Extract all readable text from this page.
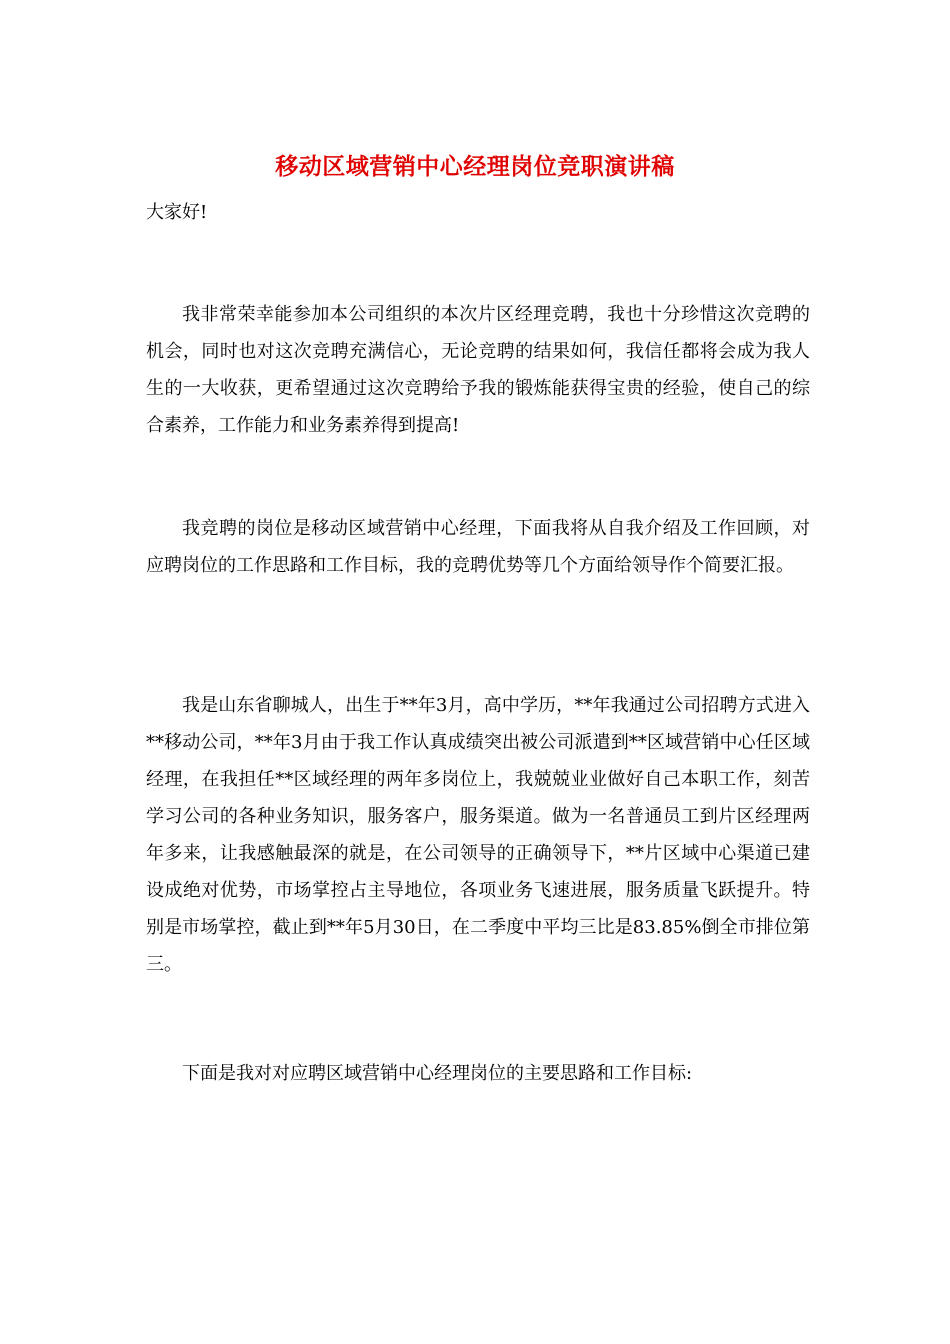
移动区域营销中心经理岗位竞职演讲稿
大家好!

我非常荣幸能参加本公司组织的本次片区经理竞聘，我也十分珍惜这次竞聘的机会，同时也对这次竞聘充满信心，无论竞聘的结果如何，我信任都将会成为我人生的一大收获，更希望通过这次竞聘给予我的锻炼能获得宝贵的经验，使自己的综合素养，工作能力和业务素养得到提高!

我竞聘的岗位是移动区域营销中心经理，下面我将从自我介绍及工作回顾，对应聘岗位的工作思路和工作目标，我的竞聘优势等几个方面给领导作个简要汇报。

我是山东省聊城人，出生于**年3月，高中学历，**年我通过公司招聘方式进入**移动公司，**年3月由于我工作认真成绩突出被公司派遣到**区域营销中心任区域经理，在我担任**区域经理的两年多岗位上，我兢兢业业做好自己本职工作，刻苦学习公司的各种业务知识，服务客户，服务渠道。做为一名普通员工到片区经理两年多来，让我感触最深的就是，在公司领导的正确领导下，**片区域中心渠道已建设成绝对优势，市场掌控占主导地位，各项业务飞速进展，服务质量飞跃提升。特别是市场掌控，截止到**年5月30日，在二季度中平均三比是83.85%倒全市排位第三。

下面是我对对应聘区域营销中心经理岗位的主要思路和工作目标:
